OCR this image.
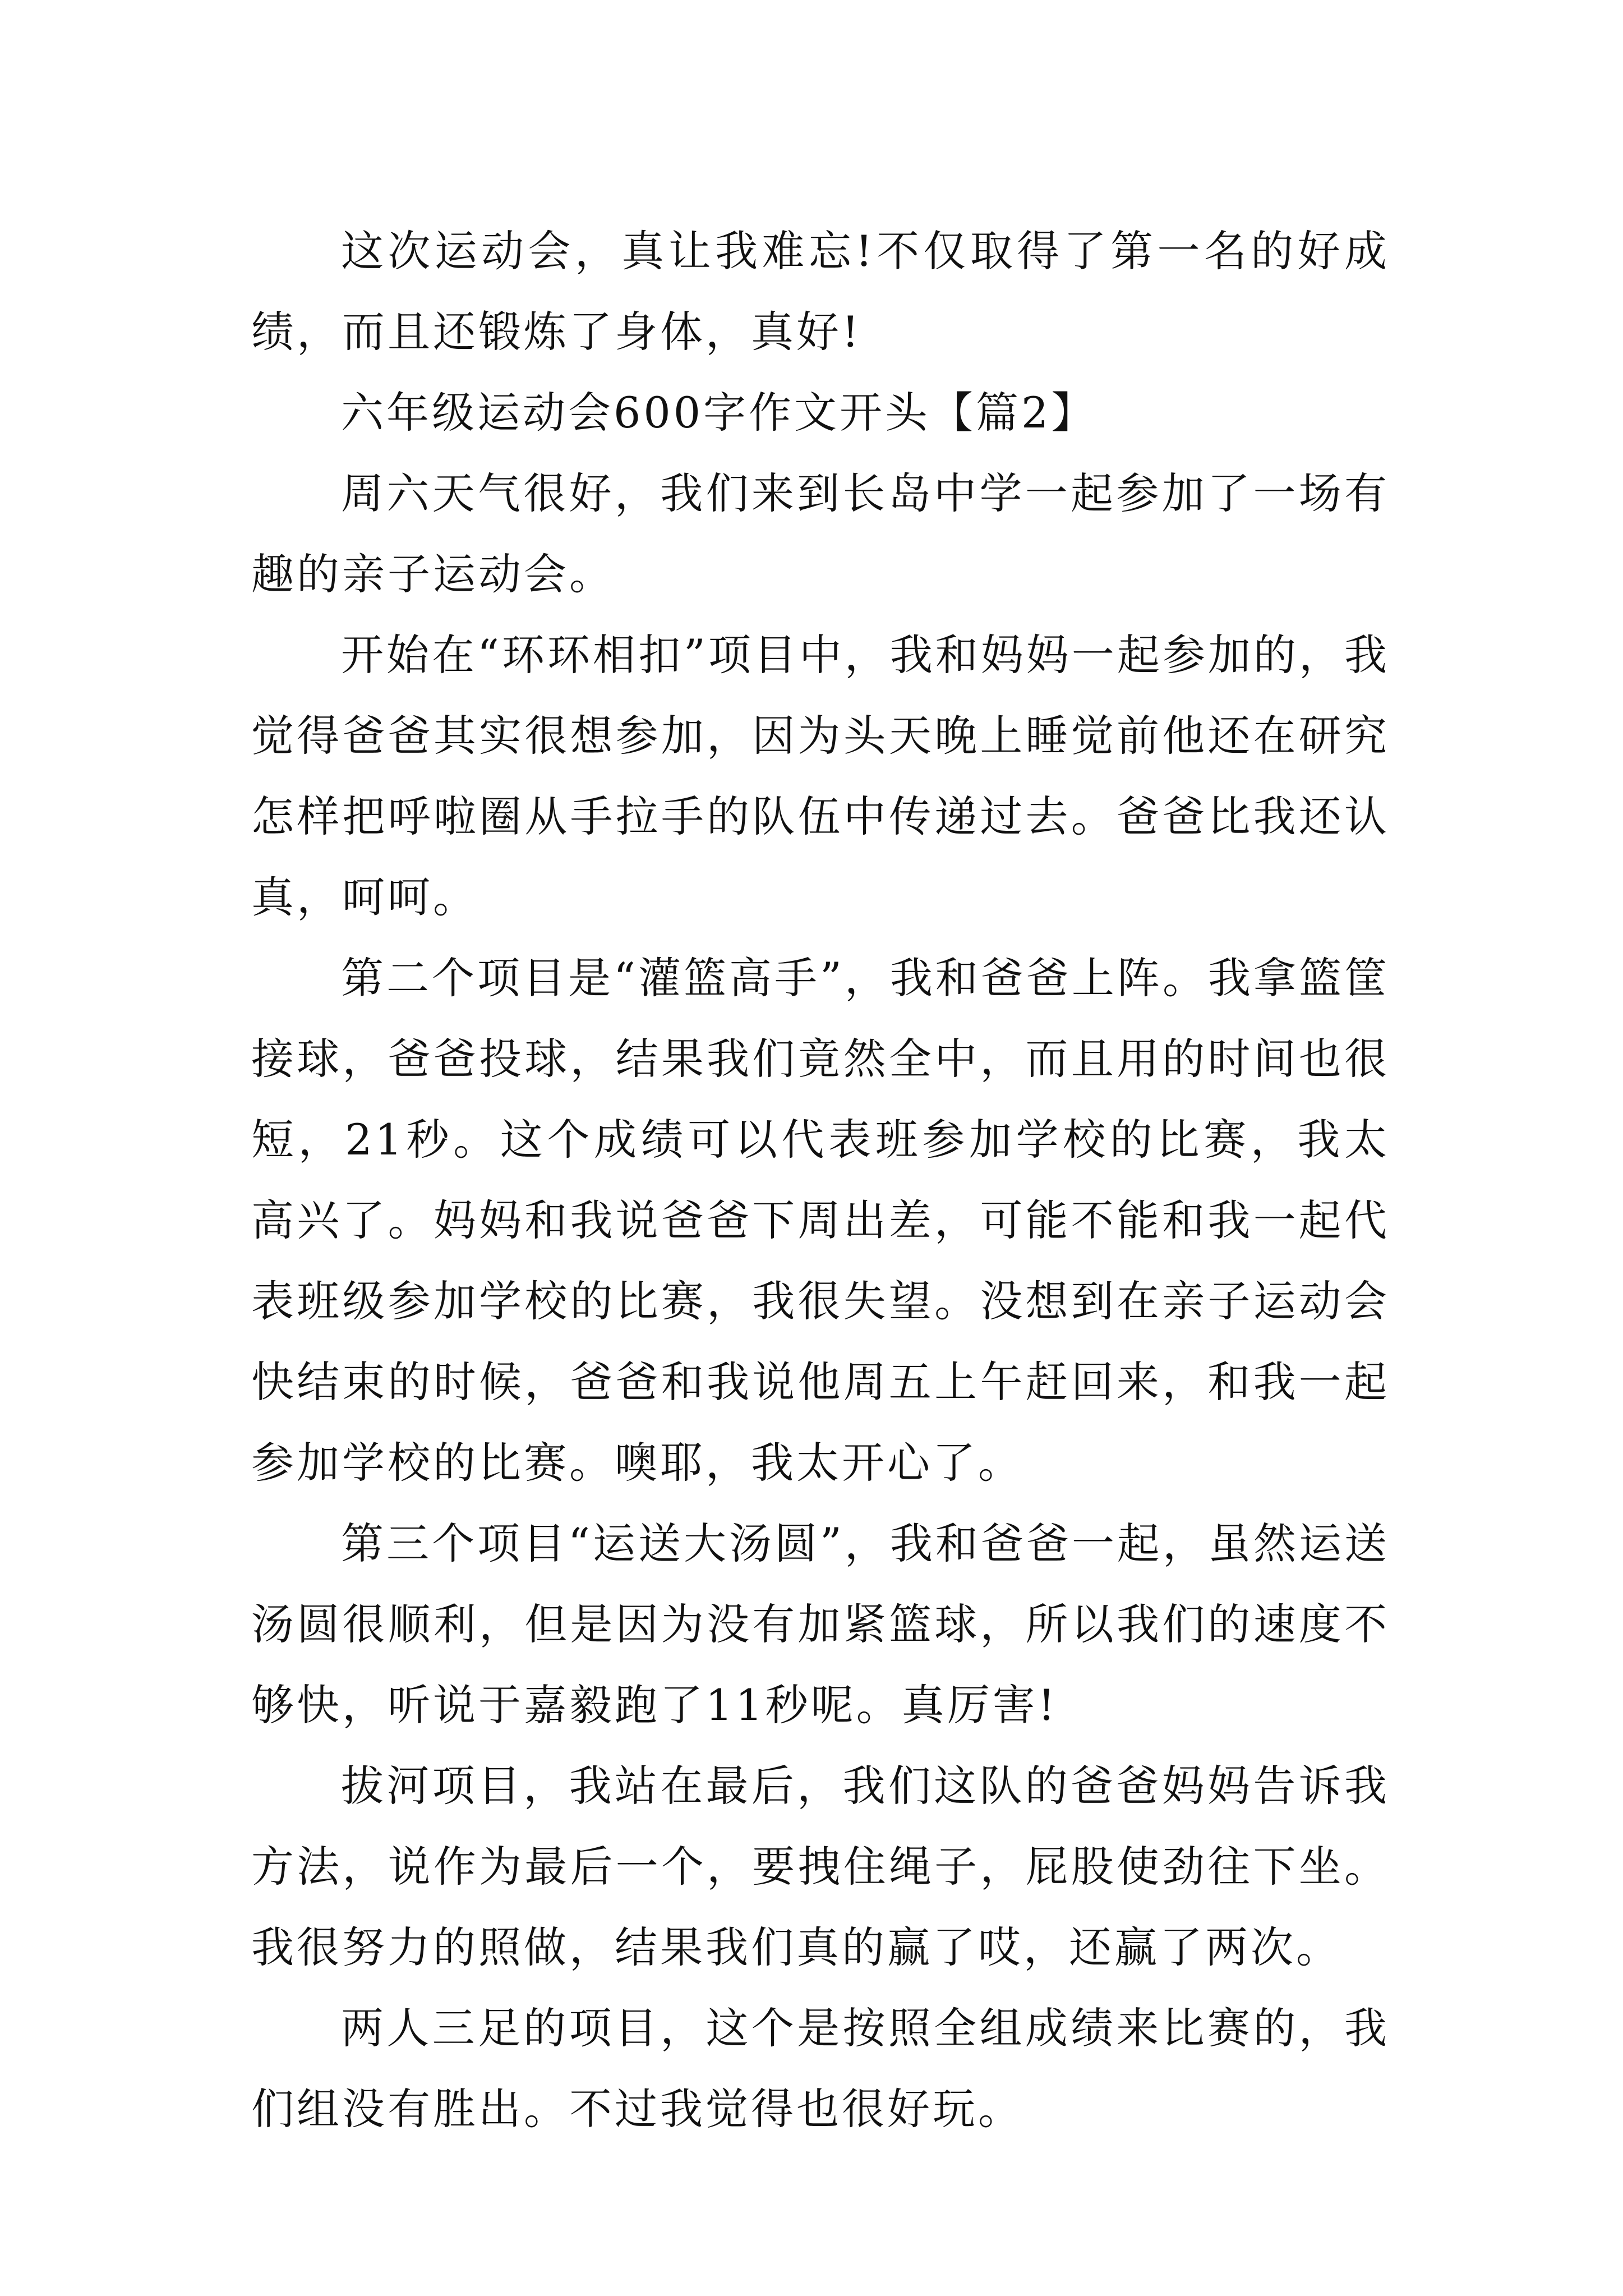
这次运动会，真让我难忘!不仅取得了第一名的好成绩，而且还锻炼了身体，真好!

六年级运动会600字作文开头【篇2】

周六天气很好，我们来到长岛中学一起参加了一场有趣的亲子运动会。

开始在“环环相扣”项目中，我和妈妈一起参加的，我觉得爸爸其实很想参加，因为头天晚上睡觉前他还在研究怎样把呼啦圈从手拉手的队伍中传递过去。爸爸比我还认真，呵呵。

第二个项目是“灌篮高手”，我和爸爸上阵。我拿篮筐接球，爸爸投球，结果我们竟然全中，而且用的时间也很短，21秒。这个成绩可以代表班参加学校的比赛，我太高兴了。妈妈和我说爸爸下周出差，可能不能和我一起代表班级参加学校的比赛，我很失望。没想到在亲子运动会快结束的时候，爸爸和我说他周五上午赶回来，和我一起参加学校的比赛。噢耶，我太开心了。

第三个项目“运送大汤圆”，我和爸爸一起，虽然运送汤圆很顺利，但是因为没有加紧篮球，所以我们的速度不够快，听说于嘉毅跑了11秒呢。真厉害!

拔河项目，我站在最后，我们这队的爸爸妈妈告诉我方法，说作为最后一个，要拽住绳子，屁股使劲往下坐。我很努力的照做，结果我们真的赢了哎，还赢了两次。

两人三足的项目，这个是按照全组成绩来比赛的，我们组没有胜出。不过我觉得也很好玩。
